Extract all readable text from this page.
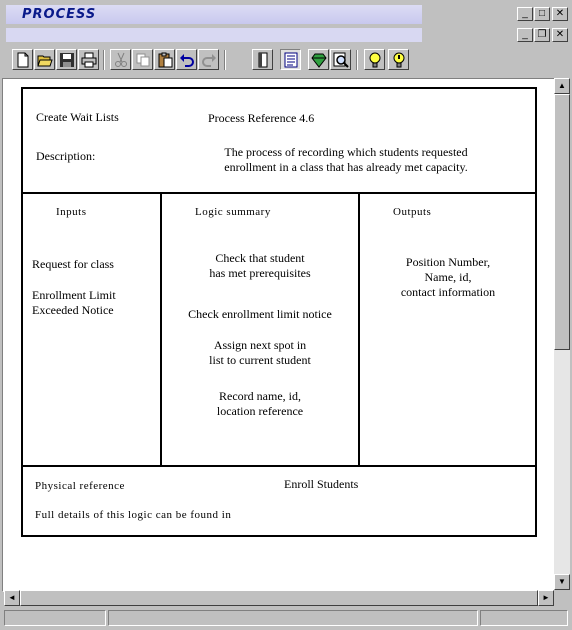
PROCESS	_	□	✕
_ ❐ ✕
Create Wait Lists	Process Reference 4.6
Description:	The process of recording which students requested
enrollment in a class that has already met capacity.
Inputs
Request for class
Enrollment Limit
Exceeded Notice
Logic summary
Check that student
has met prerequisites
Check enrollment limit notice
Assign next spot in
list to current student
Record name, id,
location reference
Outputs
Position Number,
Name, id,
contact information
Physical reference	Enroll Students
Full details of this logic can be found in
▲
▼
◄	►
